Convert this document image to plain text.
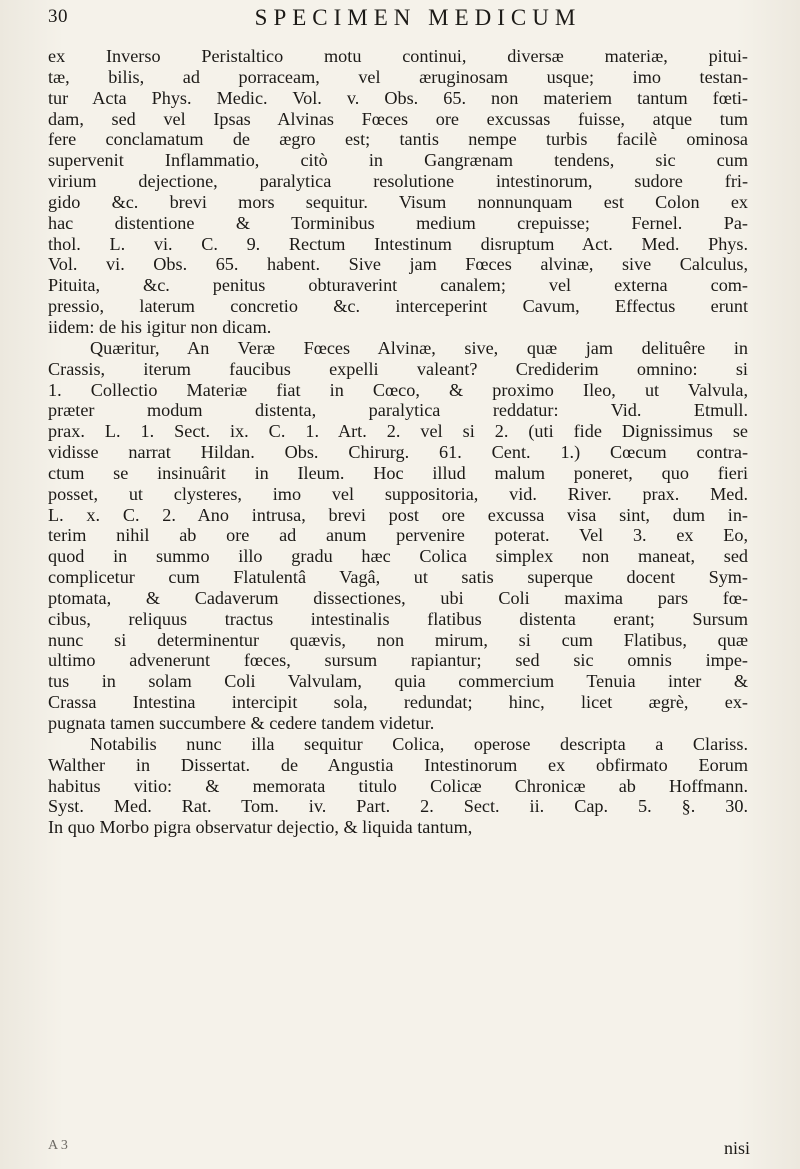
30	SPECIMEN MEDICUM
ex Inverso Peristaltico motu continui, diversæ materiæ, pitui-
tæ, bilis, ad porraceam, vel æruginosam usque; imo testan-
tur Acta Phys. Medic. Vol. v. Obs. 65. non materiem tantum fœti-
dam, sed vel Ipsas Alvinas Fœces ore excussas fuisse, atque tum
fere conclamatum de ægro est; tantis nempe turbis facilè ominosa
supervenit Inflammatio, citò in Gangrænam tendens, sic cum
virium dejectione, paralytica resolutione intestinorum, sudore fri-
gido &c. brevi mors sequitur. Visum nonnunquam est Colon ex
hac distentione & Torminibus medium crepuisse; Fernel. Pa-
thol. L. vi. C. 9. Rectum Intestinum disruptum Act. Med. Phys.
Vol. vi. Obs. 65. habent. Sive jam Fœces alvinæ, sive Calculus,
Pituita, &c. penitus obturaverint canalem; vel externa com-
pressio, laterum concretio &c. interceperint Cavum, Effectus erunt
iidem: de his igitur non dicam.
Quæritur, An Veræ Fœces Alvinæ, sive, quæ jam delituêre in
Crassis, iterum faucibus expelli valeant? Crediderim omnino: si
1. Collectio Materiæ fiat in Cœco, & proximo Ileo, ut Valvula,
præter modum distenta, paralytica reddatur: Vid. Etmull.
prax. L. 1. Sect. ix. C. 1. Art. 2. vel si 2. (uti fide Dignissimus se
vidisse narrat Hildan. Obs. Chirurg. 61. Cent. 1.) Cœcum contra-
ctum se insinuârit in Ileum. Hoc illud malum poneret, quo fieri
posset, ut clysteres, imo vel suppositoria, vid. River. prax. Med.
L. x. C. 2. Ano intrusa, brevi post ore excussa visa sint, dum in-
terim nihil ab ore ad anum pervenire poterat. Vel 3. ex Eo,
quod in summo illo gradu hæc Colica simplex non maneat, sed
complicetur cum Flatulentâ Vagâ, ut satis superque docent Sym-
ptomata, & Cadaverum dissectiones, ubi Coli maxima pars fœ-
cibus, reliquus tractus intestinalis flatibus distenta erant; Sursum
nunc si determinentur quævis, non mirum, si cum Flatibus, quæ
ultimo advenerunt fœces, sursum rapiantur; sed sic omnis impe-
tus in solam Coli Valvulam, quia commercium Tenuia inter &
Crassa Intestina intercipit sola, redundat; hinc, licet ægrè, ex-
pugnata tamen succumbere & cedere tandem videtur.
Notabilis nunc illa sequitur Colica, operose descripta a Clariss.
Walther in Dissertat. de Angustia Intestinorum ex obfirmato Eorum
habitus vitio: & memorata titulo Colicæ Chronicæ ab Hoffmann.
Syst. Med. Rat. Tom. iv. Part. 2. Sect. ii. Cap. 5. §. 30.
In quo Morbo pigra observatur dejectio, & liquida tantum,
A 3	nisi
